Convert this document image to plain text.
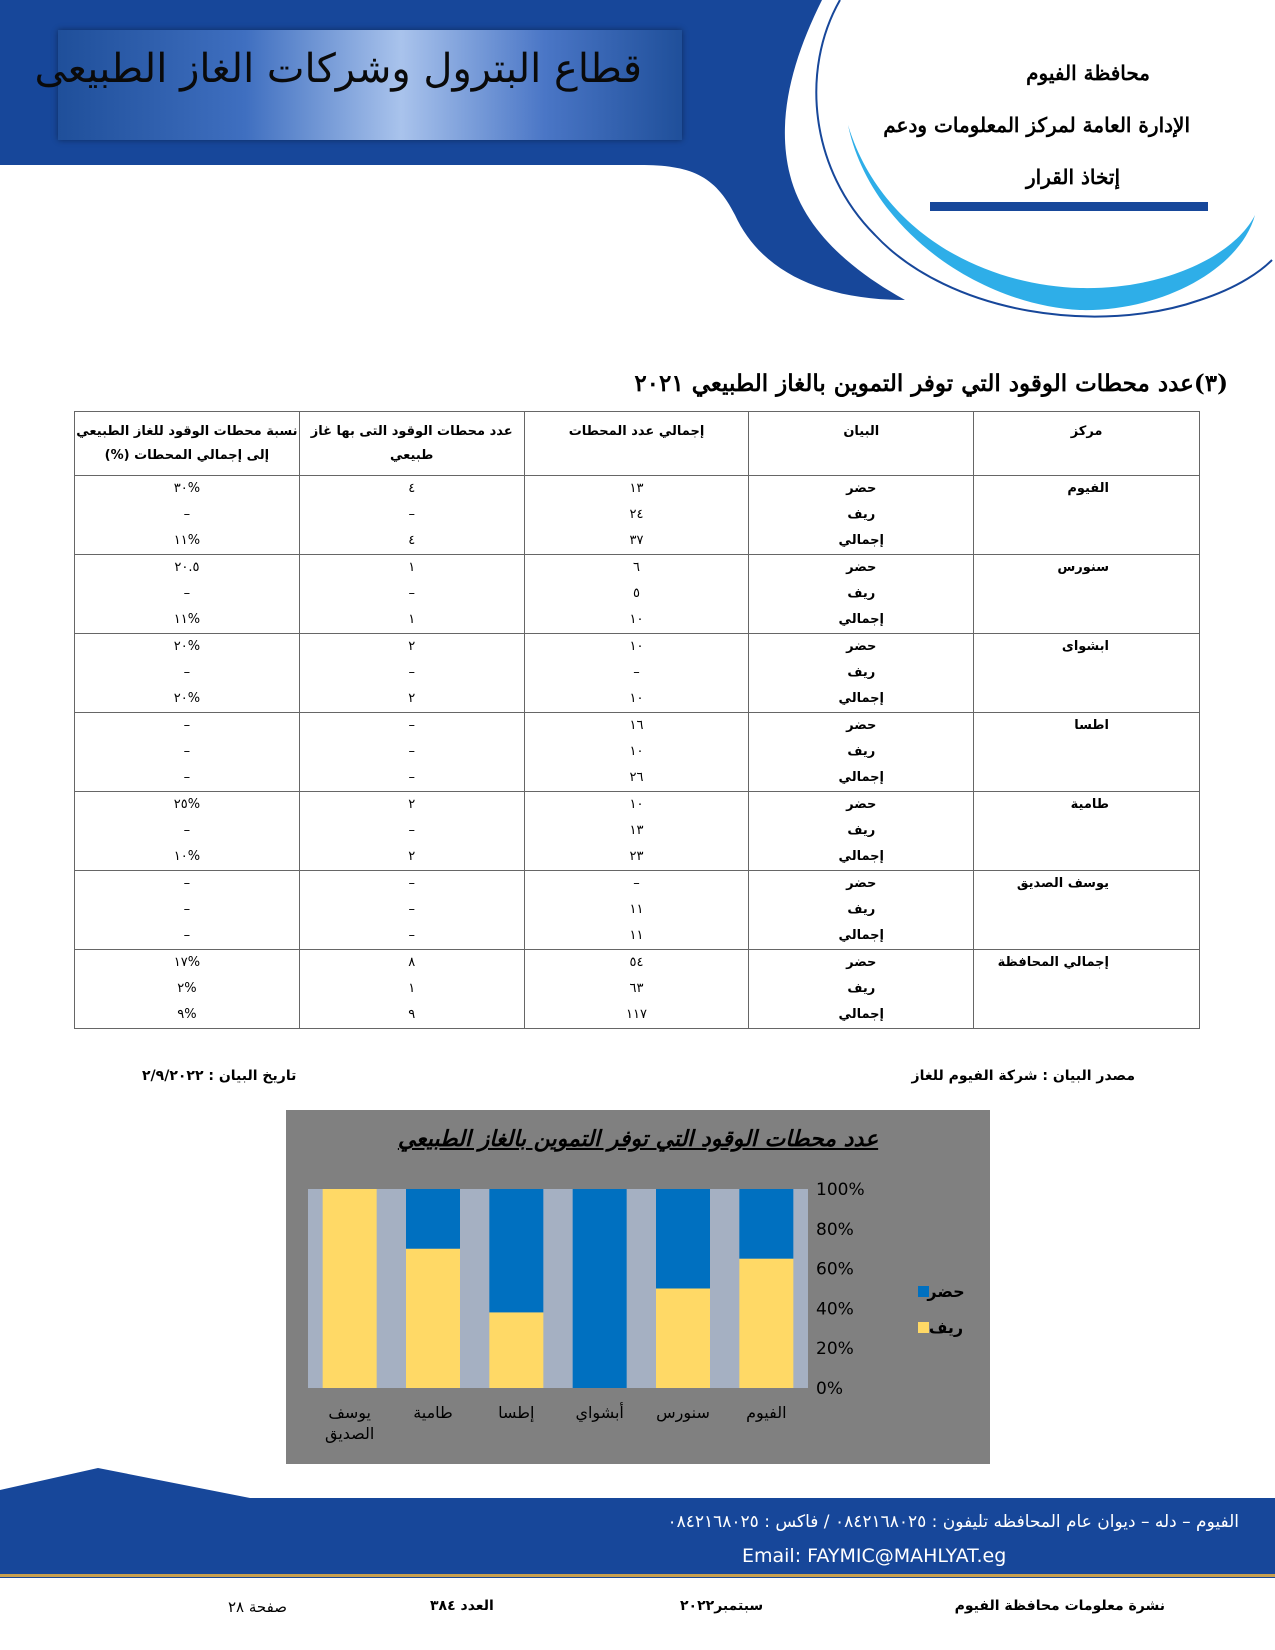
قطاع البترول وشركات الغاز الطبيعى	محافظة الفيوم
الإدارة العامة لمركز المعلومات ودعم
إتخاذ القرار
(٣)عدد محطات الوقود التي توفر التموين بالغاز الطبيعي ٢٠٢١
مركز	البيان	إجمالي عدد المحطات	عدد محطات الوقود التى بها غاز طبيعي	نسبة محطات الوقود للغاز الطبيعي إلى إجمالي المحطات (%)
الفيوم	حضر	١٣	٤	%٣٠
	ريف	٢٤	–	–
	إجمالي	٣٧	٤	%١١
سنورس	حضر	٦	١	٢٠.٥
	ريف	٥	–	–
	إجمالي	١٠	١	%١١
ابشواى	حضر	١٠	٢	%٢٠
	ريف	–	–	–
	إجمالي	١٠	٢	%٢٠
اطسا	حضر	١٦	–	–
	ريف	١٠	–	–
	إجمالي	٢٦	–	–
طامية	حضر	١٠	٢	%٢٥
	ريف	١٣	–	–
	إجمالي	٢٣	٢	%١٠
يوسف الصديق	حضر	–	–	–
	ريف	١١	–	–
	إجمالي	١١	–	–
إجمالي المحافظة	حضر	٥٤	٨	%١٧
	ريف	٦٣	١	%٢
	إجمالي	١١٧	٩	%٩
مصدر البيان : شركة الفيوم للغاز
تاريخ البيان : ٢/٩/٢٠٢٢
الفيوم
سنورس
أبشواي
إطسا
طامية
يوسف
الصديق
0%
20%
40%
60%
80%
100%
حضر
ريف
عدد محطات الوقود التي توفر التموين بالغاز الطبيعي
الفيوم – دله – ديوان عام المحافظه تليفون : ٠٨٤٢١٦٨٠٢٥ / فاكس : ٠٨٤٢١٦٨٠٢٥
Email: FAYMIC@MAHLYAT.eg
نشرة معلومات محافظة الفيوم
سبتمبر٢٠٢٢
العدد ٣٨٤
صفحة ٢٨
